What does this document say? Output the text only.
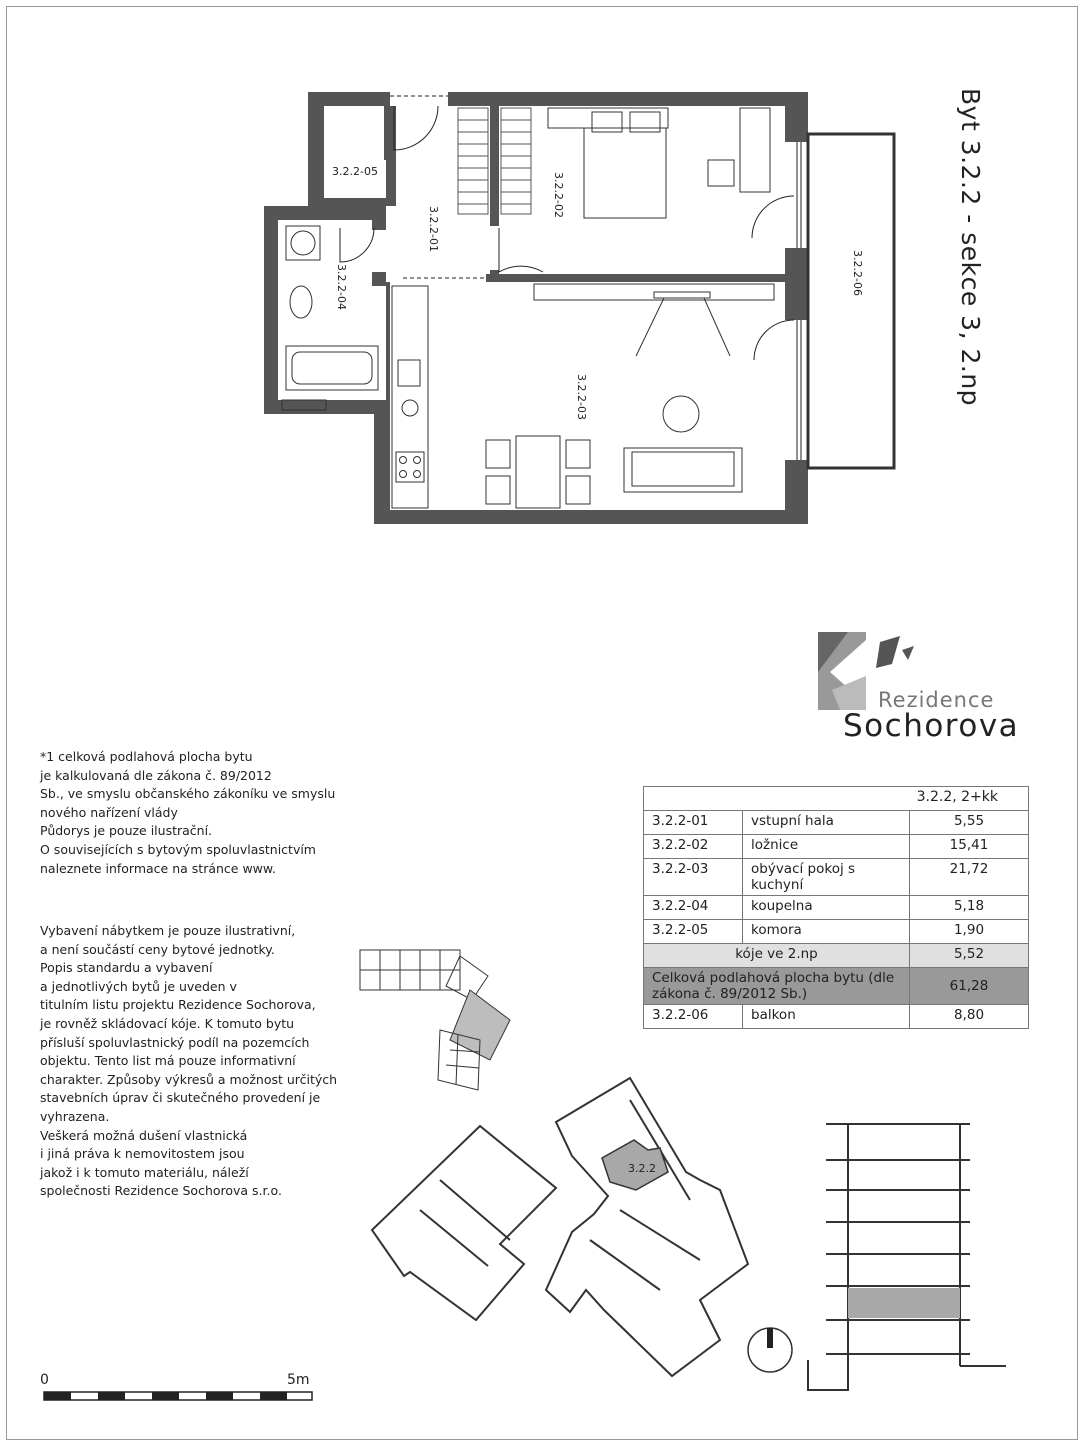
3.2.2-05
3.2.2-01
3.2.2-02
3.2.2-04
3.2.2-03
3.2.2-06
3.2.2
Byt 3.2.2 - sekce 3, 2.np
Rezidence
Sochorova
*1 celková podlahová plocha bytu
je kalkulovaná dle zákona č. 89/2012
Sb., ve smyslu občanského zákoníku ve smyslu
nového nařízení vlády
Půdorys je pouze ilustrační.
O souvisejících s bytovým spoluvlastnictvím
naleznete informace na stránce www.
Vybavení nábytkem je pouze ilustrativní,
a není součástí ceny bytové jednotky.
Popis standardu a vybavení
a jednotlivých bytů je uveden v
titulním listu projektu Rezidence Sochorova,
je rovněž skládovací kóje. K tomuto bytu
přísluší spoluvlastnický podíl na pozemcích
objektu. Tento list má pouze informativní
charakter. Způsoby výkresů a možnost určitých
stavebních úprav či skutečného provedení je
vyhrazena.
Veškerá možná dušení vlastnická
i jiná práva k nemovitostem jsou
jakož i k tomuto materiálu, náleží
společnosti Rezidence Sochorova s.r.o.
3.2.2, 2+kk		
3.2.2-01	vstupní hala	5,55
3.2.2-02	ložnice	15,41
3.2.2-03	obývací pokoj s kuchyní	21,72
3.2.2-04	koupelna	5,18
3.2.2-05	komora	1,90
kóje ve 2.np		5,52
Celková podlahová plocha bytu (dle zákona č. 89/2012 Sb.)		61,28
3.2.2-06	balkon	8,80
0	5m
